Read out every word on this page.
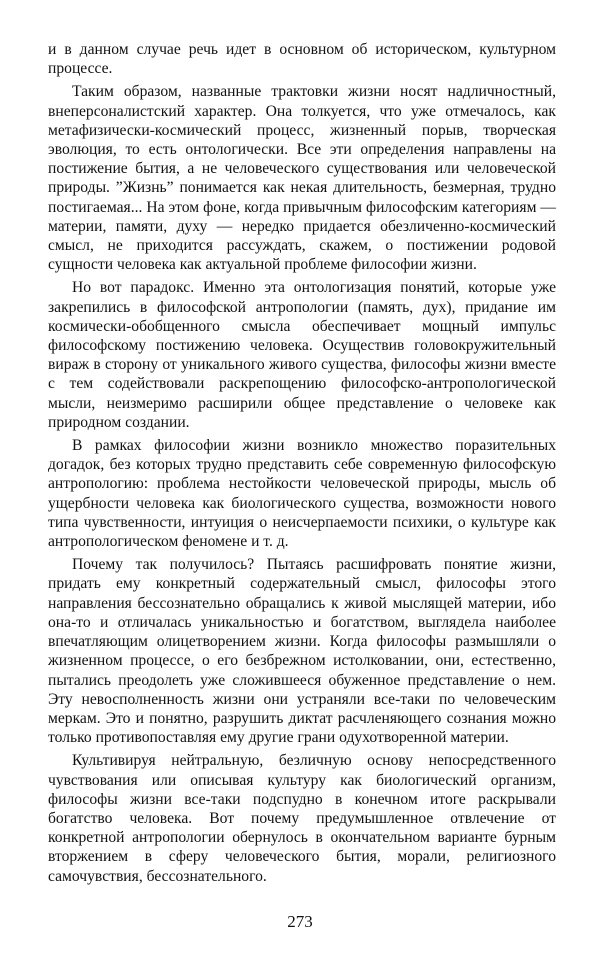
и в данном случае речь идет в основном об историческом, культурном процессе.

Таким образом, названные трактовки жизни носят надличностный, внеперсоналистский характер. Она толкуется, что уже отмечалось, как метафизически-космический процесс, жизненный порыв, творческая эволюция, то есть онтологически. Все эти определения направлены на постижение бытия, а не человеческого существования или человеческой природы. ”Жизнь” понимается как некая длительность, безмерная, трудно постигаемая... На этом фоне, когда привычным философским категориям — материи, памяти, духу — нередко придается обезличенно-космический смысл, не приходится рассуждать, скажем, о постижении родовой сущности человека как актуальной проблеме философии жизни.

Но вот парадокс. Именно эта онтологизация понятий, которые уже закрепились в философской антропологии (память, дух), придание им космически-обобщенного смысла обеспечивает мощный импульс философскому постижению человека. Осуществив головокружительный вираж в сторону от уникального живого существа, философы жизни вместе с тем содействовали раскрепощению философско-антропологической мысли, неизмеримо расширили общее представление о человеке как природном создании.

В рамках философии жизни возникло множество поразительных догадок, без которых трудно представить себе современную философскую антропологию: проблема нестойкости человеческой природы, мысль об ущербности человека как биологического существа, возможности нового типа чувственности, интуиция о неисчерпаемости психики, о культуре как антропологическом феномене и т. д.

Почему так получилось? Пытаясь расшифровать понятие жизни, придать ему конкретный содержательный смысл, философы этого направления бессознательно обращались к живой мыслящей материи, ибо она-то и отличалась уникальностью и богатством, выглядела наиболее впечатляющим олицетворением жизни. Когда философы размышляли о жизненном процессе, о его безбрежном истолковании, они, естественно, пытались преодолеть уже сложившееся обуженное представление о нем. Эту невосполненность жизни они устраняли все-таки по человеческим меркам. Это и понятно, разрушить диктат расчленяющего сознания можно только противопоставляя ему другие грани одухотворенной материи.

Культивируя нейтральную, безличную основу непосредственного чувствования или описывая культуру как биологический организм, философы жизни все-таки подспудно в конечном итоге раскрывали богатство человека. Вот почему предумышленное отвлечение от конкретной антропологии обернулось в окончательном варианте бурным вторжением в сферу человеческого бытия, морали, религиозного самочувствия, бессознательного.

273
